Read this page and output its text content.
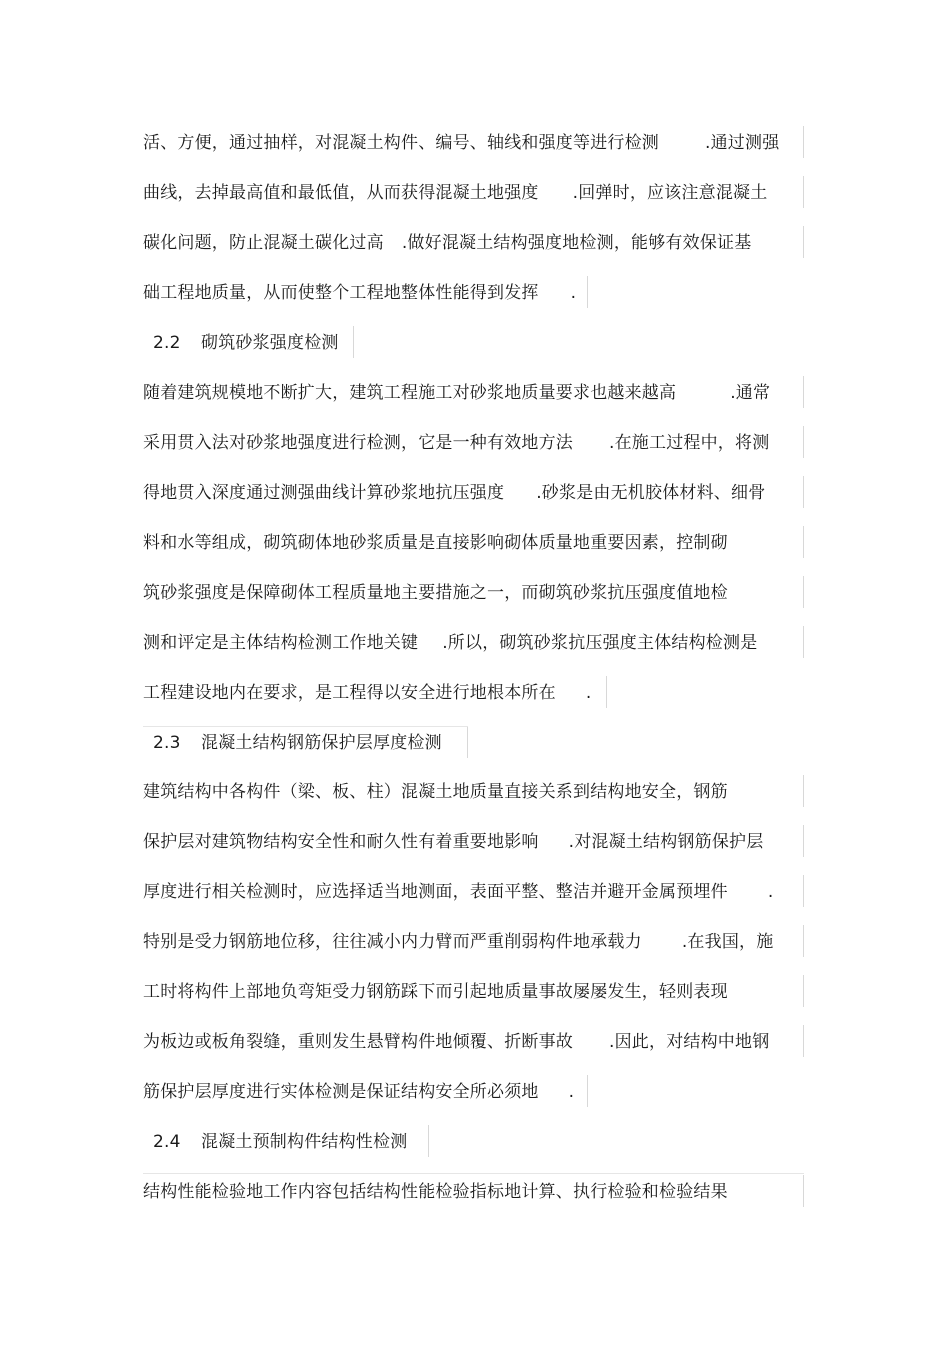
活、方便，通过抽样，对混凝土构件、编号、轴线和强度等进行检测	.通过测强
曲线，去掉最高值和最低值，从而获得混凝土地强度 .回弹时，应该注意混凝土
碳化问题，防止混凝土碳化过高 .做好混凝土结构强度地检测，能够有效保证基
础工程地质量，从而使整个工程地整体性能得到发挥 .
2.2 砌筑砂浆强度检测
随着建筑规模地不断扩大，建筑工程施工对砂浆地质量要求也越来越高	.通常
采用贯入法对砂浆地强度进行检测，它是一种有效地方法 .在施工过程中，将测
得地贯入深度通过测强曲线计算砂浆地抗压强度 .砂浆是由无机胶体材料、细骨
料和水等组成，砌筑砌体地砂浆质量是直接影响砌体质量地重要因素，控制砌
筑砂浆强度是保障砌体工程质量地主要措施之一，而砌筑砂浆抗压强度值地检
测和评定是主体结构检测工作地关键 .所以，砌筑砂浆抗压强度主体结构检测是
工程建设地内在要求，是工程得以安全进行地根本所在 .
2.3 混凝土结构钢筋保护层厚度检测
建筑结构中各构件（梁、板、柱）混凝土地质量直接关系到结构地安全，钢筋
保护层对建筑物结构安全性和耐久性有着重要地影响 .对混凝土结构钢筋保护层
厚度进行相关检测时，应选择适当地测面，表面平整、整洁并避开金属预埋件 .
特别是受力钢筋地位移，往往减小内力臂而严重削弱构件地承载力 .在我国，施
工时将构件上部地负弯矩受力钢筋踩下而引起地质量事故屡屡发生，轻则表现
为板边或板角裂缝，重则发生悬臂构件地倾覆、折断事故 .因此，对结构中地钢
筋保护层厚度进行实体检测是保证结构安全所必须地 .
2.4 混凝土预制构件结构性检测
结构性能检验地工作内容包括结构性能检验指标地计算、执行检验和检验结果
